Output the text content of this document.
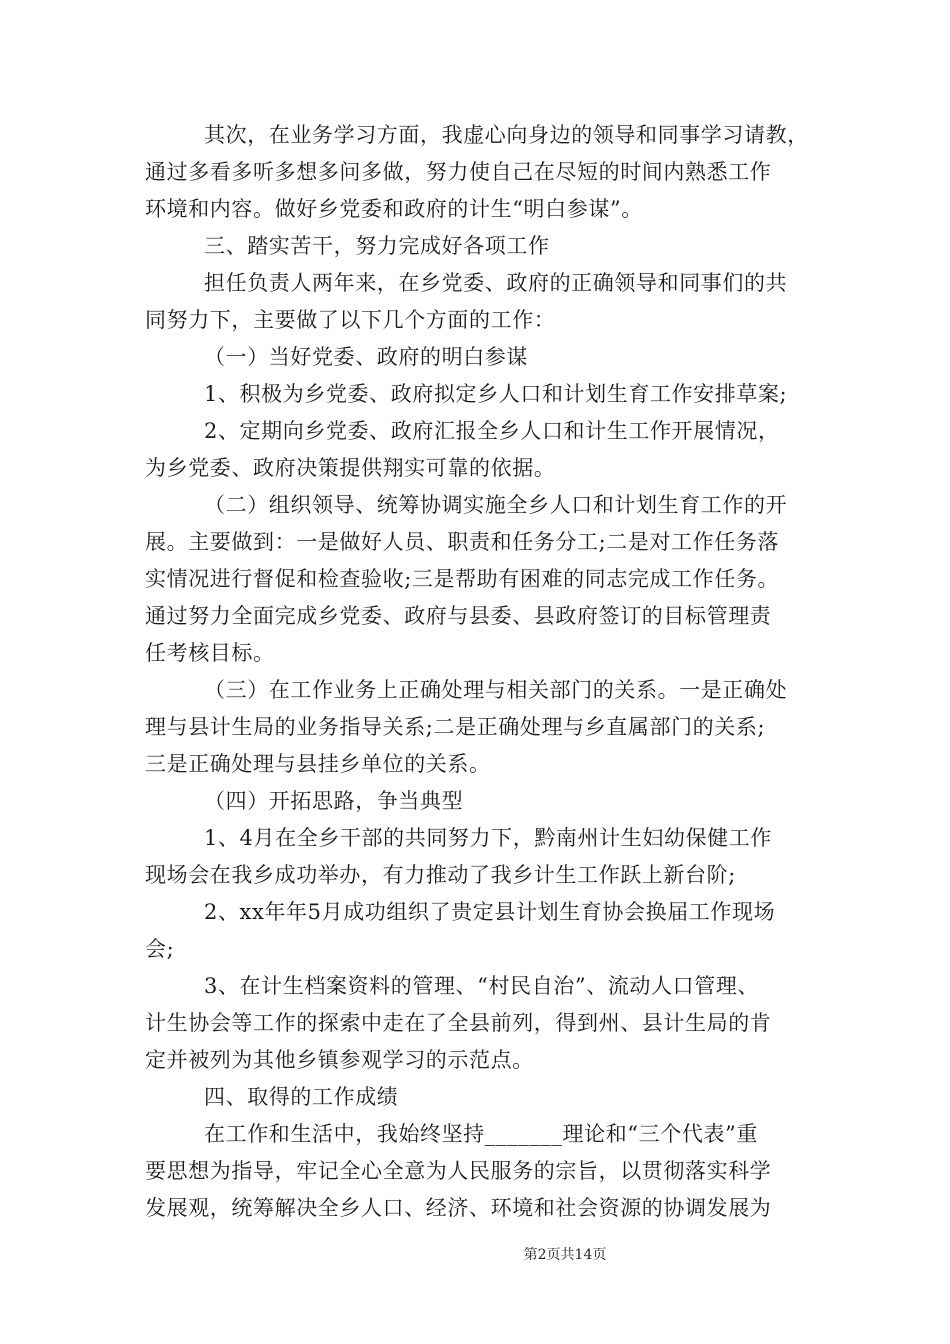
其次，在业务学习方面，我虚心向身边的领导和同事学习请教，
通过多看多听多想多问多做，努力使自己在尽短的时间内熟悉工作
环境和内容。做好乡党委和政府的计生“明白参谋”。
三、踏实苦干，努力完成好各项工作
担任负责人两年来，在乡党委、政府的正确领导和同事们的共
同努力下，主要做了以下几个方面的工作：
（一）当好党委、政府的明白参谋
1、积极为乡党委、政府拟定乡人口和计划生育工作安排草案;
2、定期向乡党委、政府汇报全乡人口和计生工作开展情况，
为乡党委、政府决策提供翔实可靠的依据。
（二）组织领导、统筹协调实施全乡人口和计划生育工作的开
展。主要做到：一是做好人员、职责和任务分工;二是对工作任务落
实情况进行督促和检查验收;三是帮助有困难的同志完成工作任务。
通过努力全面完成乡党委、政府与县委、县政府签订的目标管理责
任考核目标。
（三）在工作业务上正确处理与相关部门的关系。一是正确处
理与县计生局的业务指导关系;二是正确处理与乡直属部门的关系;
三是正确处理与县挂乡单位的关系。
（四）开拓思路，争当典型
1、4月在全乡干部的共同努力下，黔南州计生妇幼保健工作
现场会在我乡成功举办，有力推动了我乡计生工作跃上新台阶;
2、xx年年5月成功组织了贵定县计划生育协会换届工作现场
会;
3、在计生档案资料的管理、“村民自治”、流动人口管理、
计生协会等工作的探索中走在了全县前列，得到州、县计生局的肯
定并被列为其他乡镇参观学习的示范点。
四、取得的工作成绩
在工作和生活中，我始终坚持_______理论和“三个代表”重
要思想为指导，牢记全心全意为人民服务的宗旨，以贯彻落实科学
发展观，统筹解决全乡人口、经济、环境和社会资源的协调发展为
第2页共14页
